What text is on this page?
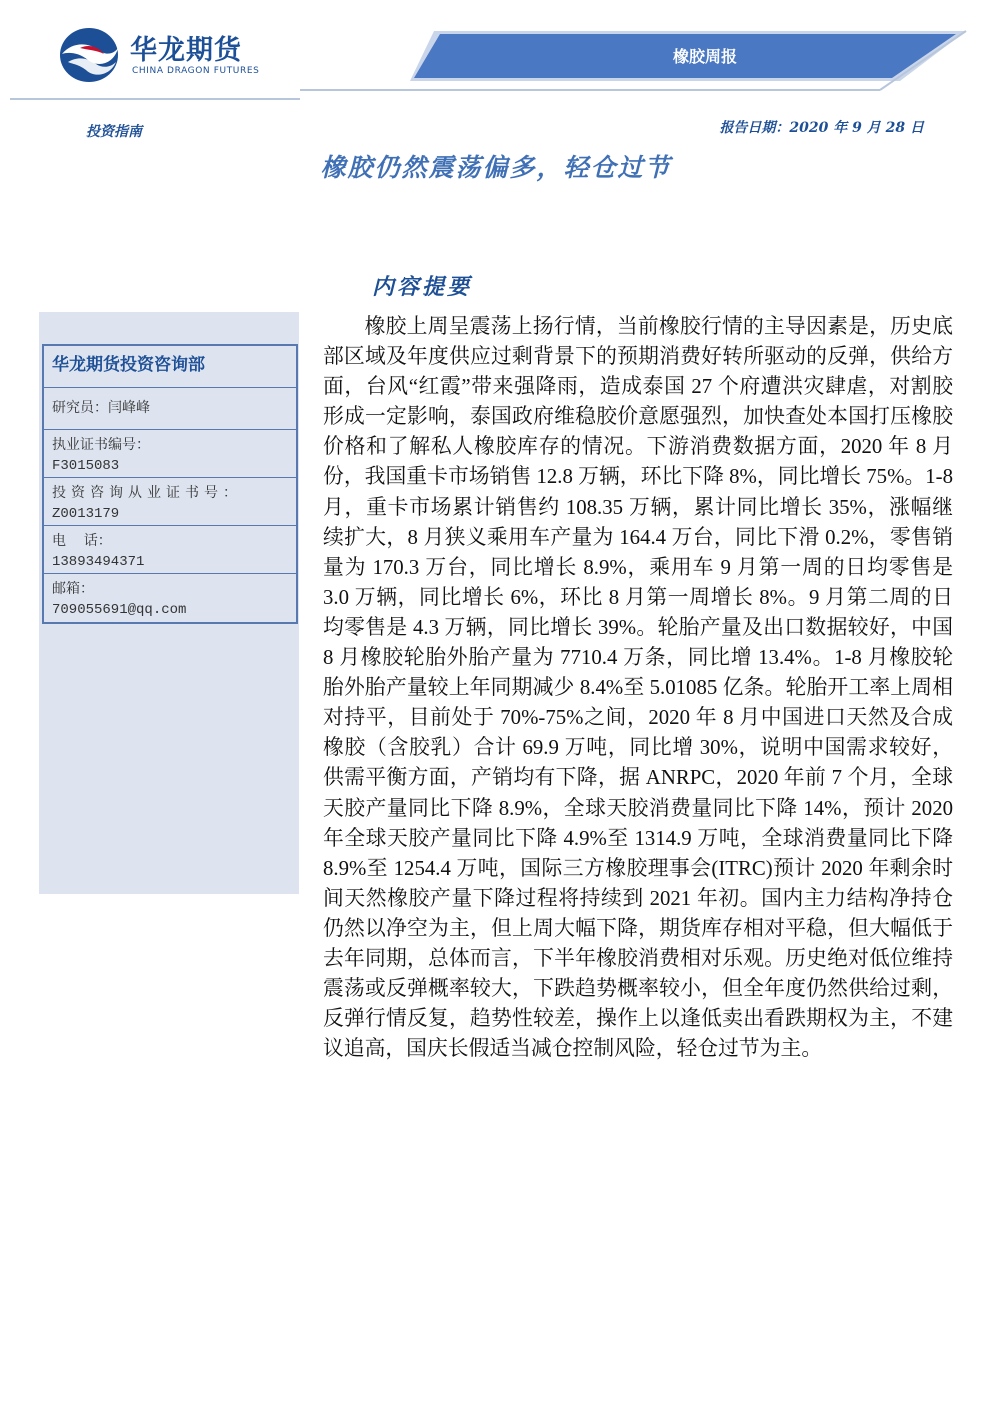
橡胶周报
华龙期货
CHINA DRAGON FUTURES
投资指南	报告日期：2020 年 9 月 28 日
橡胶仍然震荡偏多，轻仓过节
华龙期货投资咨询部
研究员：闫峰峰
执业证书编号：
F3015083
投资咨询从业证书号：
Z0013179
电    话：
13893494371
邮箱：
709055691@qq.com
内容提要

橡胶上周呈震荡上扬行情，当前橡胶行情的主导因素是，历史底部区域及年度供应过剩背景下的预期消费好转所驱动的反弹，供给方面，台风“红霞”带来强降雨，造成泰国 27 个府遭洪灾肆虐，对割胶形成一定影响，泰国政府维稳胶价意愿强烈，加快查处本国打压橡胶价格和了解私人橡胶库存的情况。下游消费数据方面，2020 年 8 月份，我国重卡市场销售 12.8 万辆，环比下降 8%，同比增长 75%。1-8 月，重卡市场累计销售约 108.35 万辆，累计同比增长 35%，涨幅继续扩大，8 月狭义乘用车产量为 164.4 万台，同比下滑 0.2%，零售销量为 170.3 万台，同比增长 8.9%，乘用车 9 月第一周的日均零售是 3.0 万辆，同比增长 6%，环比 8 月第一周增长 8%。9 月第二周的日均零售是 4.3 万辆，同比增长 39%。轮胎产量及出口数据较好，中国 8 月橡胶轮胎外胎产量为 7710.4 万条，同比增 13.4%。1-8 月橡胶轮胎外胎产量较上年同期减少 8.4%至 5.01085 亿条。轮胎开工率上周相对持平，目前处于 70%-75%之间，2020 年 8 月中国进口天然及合成橡胶（含胶乳）合计 69.9 万吨，同比增 30%，说明中国需求较好，供需平衡方面，产销均有下降，据 ANRPC，2020 年前 7 个月，全球天胶产量同比下降 8.9%，全球天胶消费量同比下降 14%，预计 2020 年全球天胶产量同比下降 4.9%至 1314.9 万吨，全球消费量同比下降 8.9%至 1254.4 万吨，国际三方橡胶理事会(ITRC)预计 2020 年剩余时间天然橡胶产量下降过程将持续到 2021 年初。国内主力结构净持仓仍然以净空为主，但上周大幅下降，期货库存相对平稳，但大幅低于去年同期，总体而言，下半年橡胶消费相对乐观。历史绝对低位维持震荡或反弹概率较大，下跌趋势概率较小，但全年度仍然供给过剩，反弹行情反复，趋势性较差，操作上以逢低卖出看跌期权为主，不建议追高，国庆长假适当减仓控制风险，轻仓过节为主。
